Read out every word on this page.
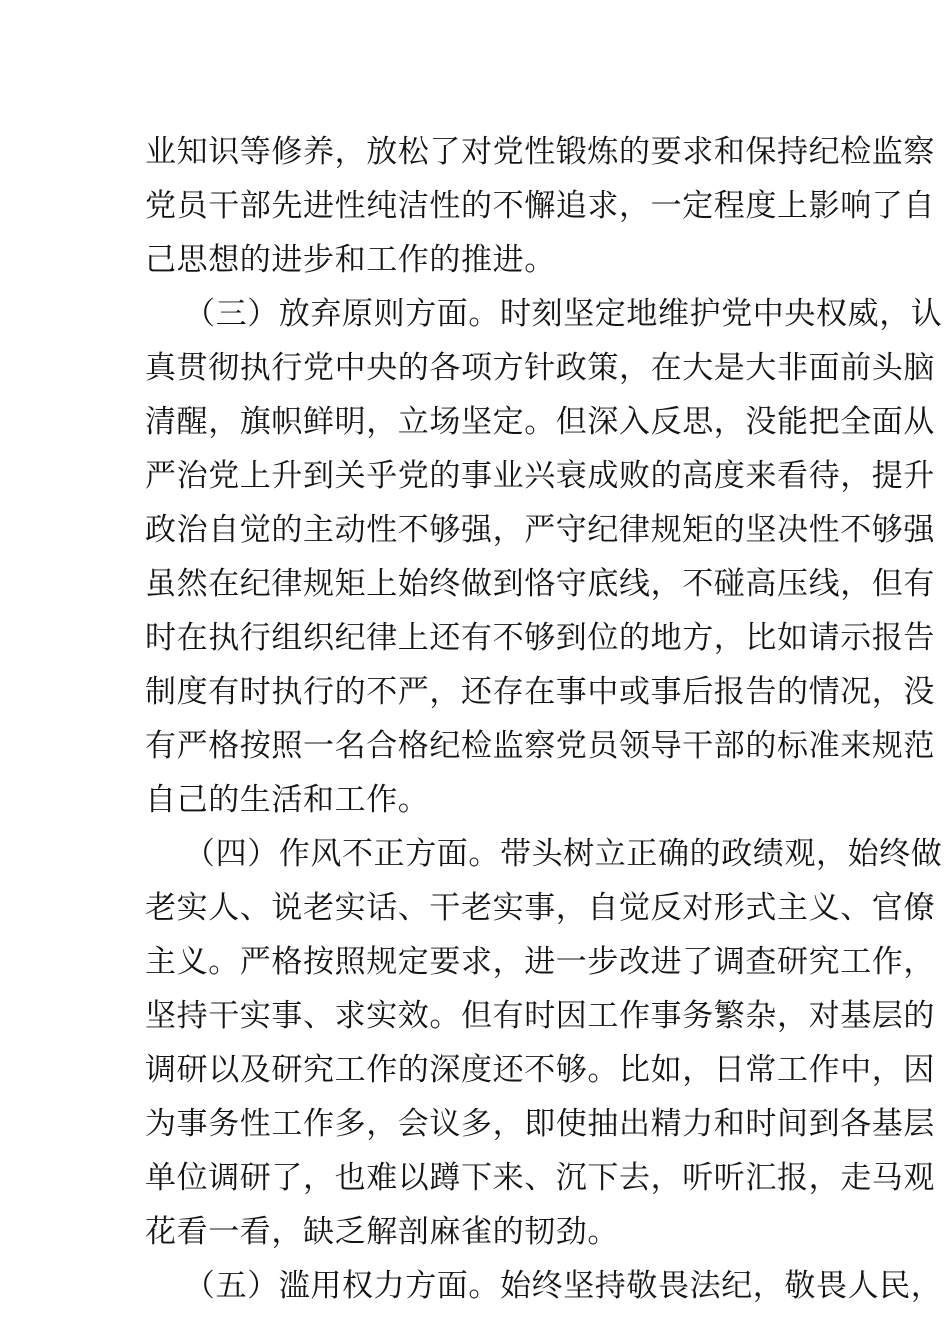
业知识等修养，放松了对党性锻炼的要求和保持纪检监察

党员干部先进性纯洁性的不懈追求，一定程度上影响了自

己思想的进步和工作的推进。

（三）放弃原则方面。时刻坚定地维护党中央权威，认

真贯彻执行党中央的各项方针政策，在大是大非面前头脑

清醒，旗帜鲜明，立场坚定。但深入反思，没能把全面从

严治党上升到关乎党的事业兴衰成败的高度来看待，提升

政治自觉的主动性不够强，严守纪律规矩的坚决性不够强

虽然在纪律规矩上始终做到恪守底线，不碰高压线，但有

时在执行组织纪律上还有不够到位的地方，比如请示报告

制度有时执行的不严，还存在事中或事后报告的情况，没

有严格按照一名合格纪检监察党员领导干部的标准来规范

自己的生活和工作。

（四）作风不正方面。带头树立正确的政绩观，始终做

老实人、说老实话、干老实事，自觉反对形式主义、官僚

主义。严格按照规定要求，进一步改进了调查研究工作，

坚持干实事、求实效。但有时因工作事务繁杂，对基层的

调研以及研究工作的深度还不够。比如，日常工作中，因

为事务性工作多，会议多，即使抽出精力和时间到各基层

单位调研了，也难以蹲下来、沉下去，听听汇报，走马观

花看一看，缺乏解剖麻雀的韧劲。

（五）滥用权力方面。始终坚持敬畏法纪，敬畏人民，
